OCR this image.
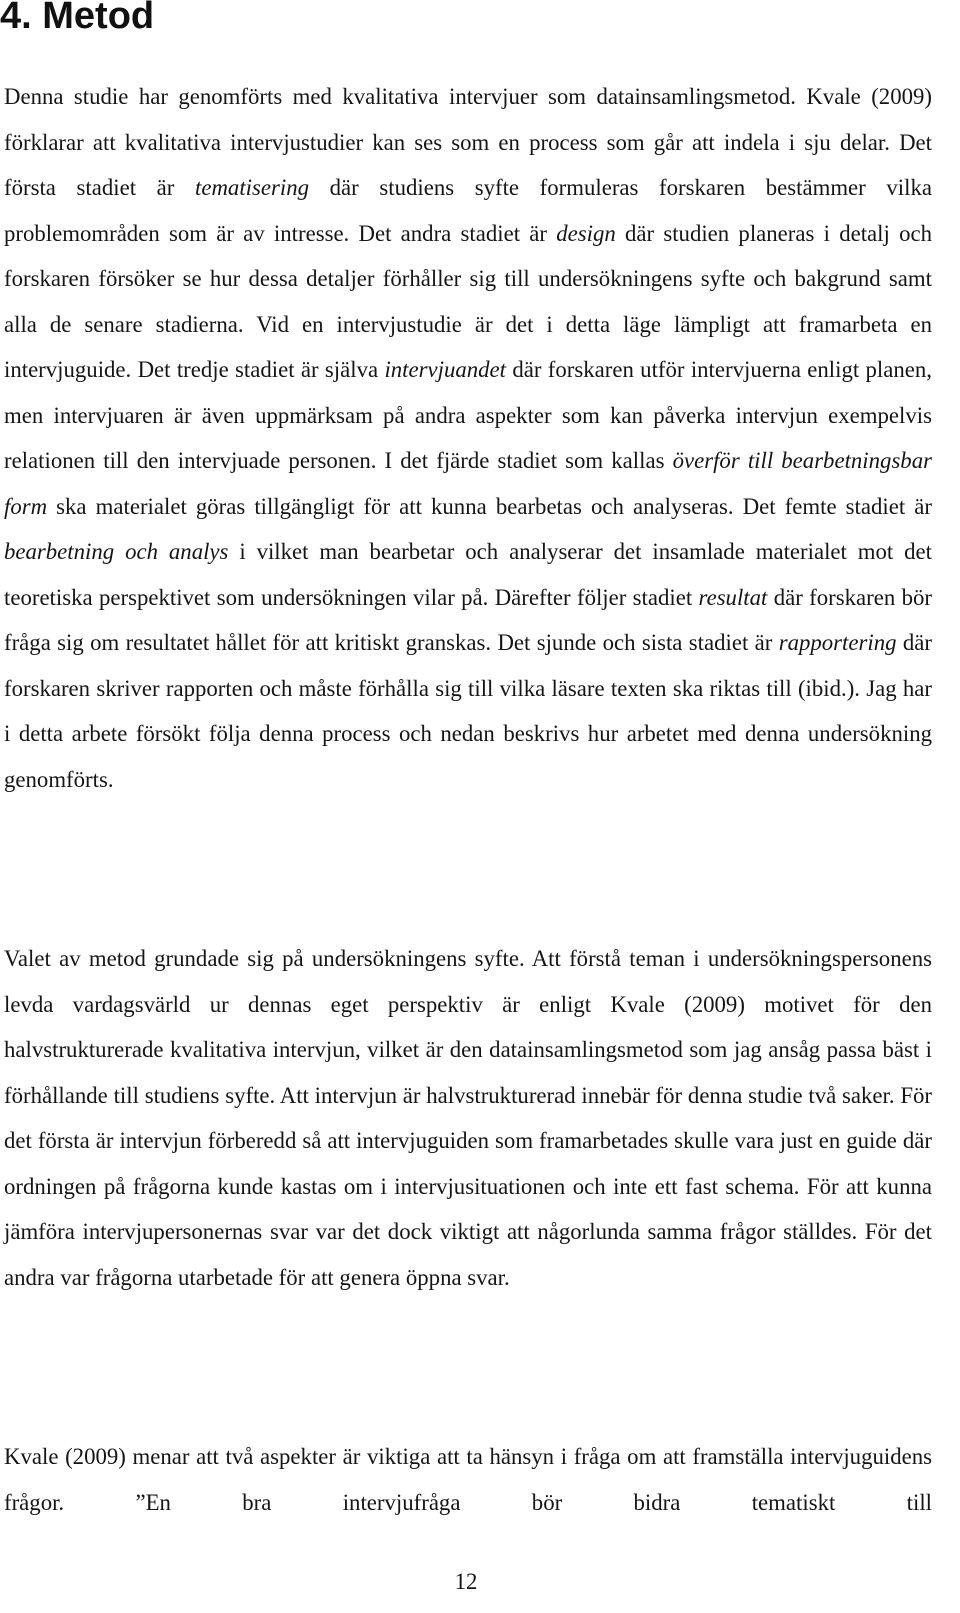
4. Metod

Denna studie har genomförts med kvalitativa intervjuer som datainsamlingsmetod. Kvale (2009) förklarar att kvalitativa intervjustudier kan ses som en process som går att indela i sju delar. Det första stadiet är tematisering där studiens syfte formuleras forskaren bestämmer vilka problemområden som är av intresse. Det andra stadiet är design där studien planeras i detalj och forskaren försöker se hur dessa detaljer förhåller sig till undersökningens syfte och bakgrund samt alla de senare stadierna. Vid en intervjustudie är det i detta läge lämpligt att framarbeta en intervjuguide. Det tredje stadiet är själva intervjuandet där forskaren utför intervjuerna enligt planen, men intervjuaren är även uppmärksam på andra aspekter som kan påverka intervjun exempelvis relationen till den intervjuade personen. I det fjärde stadiet som kallas överför till bearbetningsbar form ska materialet göras tillgängligt för att kunna bearbetas och analyseras. Det femte stadiet är bearbetning och analys i vilket man bearbetar och analyserar det insamlade materialet mot det teoretiska perspektivet som undersökningen vilar på. Därefter följer stadiet resultat där forskaren bör fråga sig om resultatet hållet för att kritiskt granskas. Det sjunde och sista stadiet är rapportering där forskaren skriver rapporten och måste förhålla sig till vilka läsare texten ska riktas till (ibid.). Jag har i detta arbete försökt följa denna process och nedan beskrivs hur arbetet med denna undersökning genomförts.

Valet av metod grundade sig på undersökningens syfte. Att förstå teman i undersökningspersonens levda vardagsvärld ur dennas eget perspektiv är enligt Kvale (2009) motivet för den halvstrukturerade kvalitativa intervjun, vilket är den datainsamlingsmetod som jag ansåg passa bäst i förhållande till studiens syfte. Att intervjun är halvstrukturerad innebär för denna studie två saker. För det första är intervjun förberedd så att intervjuguiden som framarbetades skulle vara just en guide där ordningen på frågorna kunde kastas om i intervjusituationen och inte ett fast schema. För att kunna jämföra intervjupersonernas svar var det dock viktigt att någorlunda samma frågor ställdes. För det andra var frågorna utarbetade för att genera öppna svar.

Kvale (2009) menar att två aspekter är viktiga att ta hänsyn i fråga om att framställa intervjuguidens frågor. ”En bra intervjufråga bör bidra tematiskt till

12
